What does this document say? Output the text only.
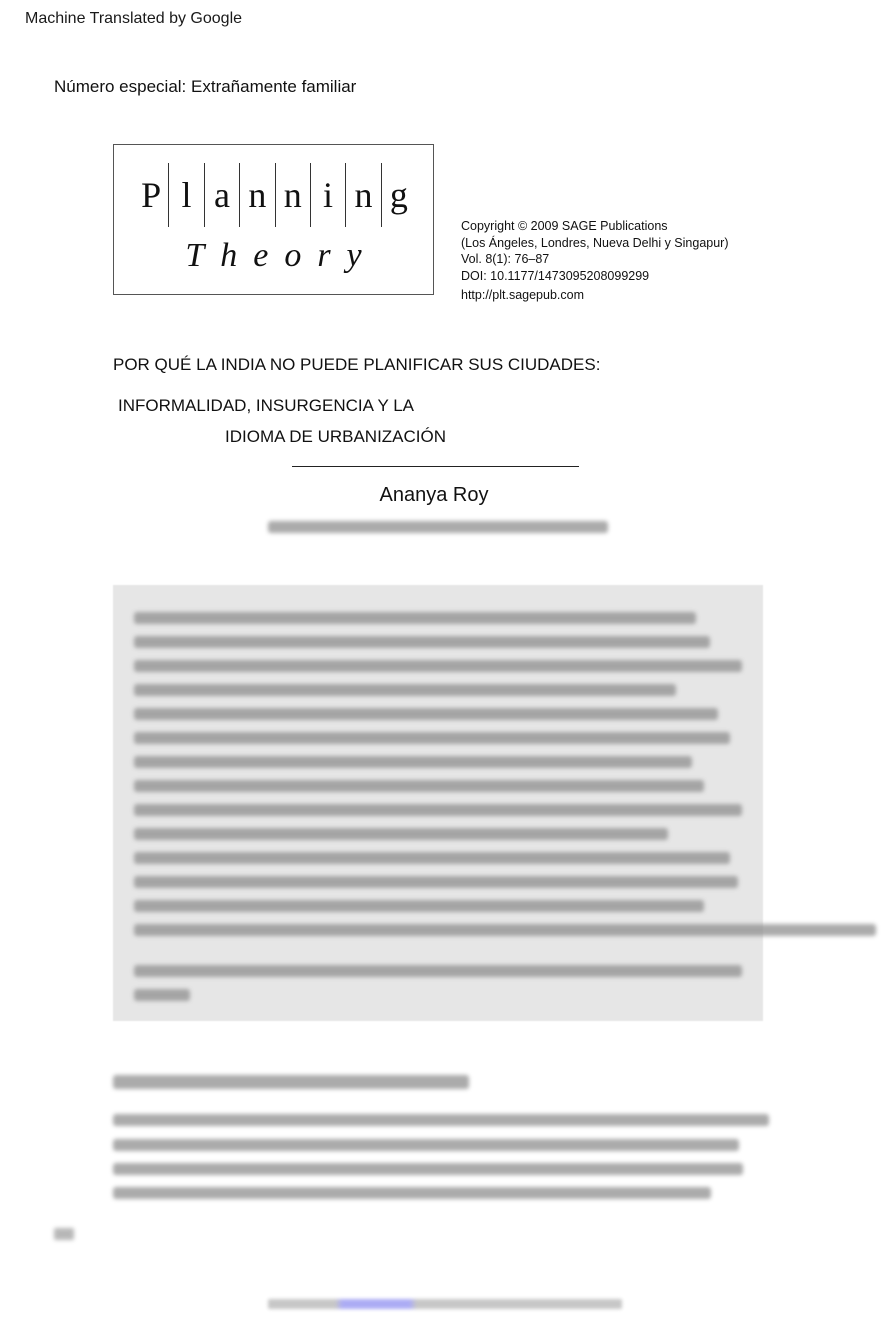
Machine Translated by Google
Número especial: Extrañamente familiar
P l a n n i n g
Theory
Copyright © 2009 SAGE Publications
(Los Ángeles, Londres, Nueva Delhi y Singapur)
Vol. 8(1): 76–87
DOI: 10.1177/1473095208099299
http://plt.sagepub.com
POR QUÉ LA INDIA NO PUEDE PLANIFICAR SUS CIUDADES:
INFORMALIDAD, INSURGENCIA Y LA
IDIOMA DE URBANIZACIÓN
Ananya Roy
